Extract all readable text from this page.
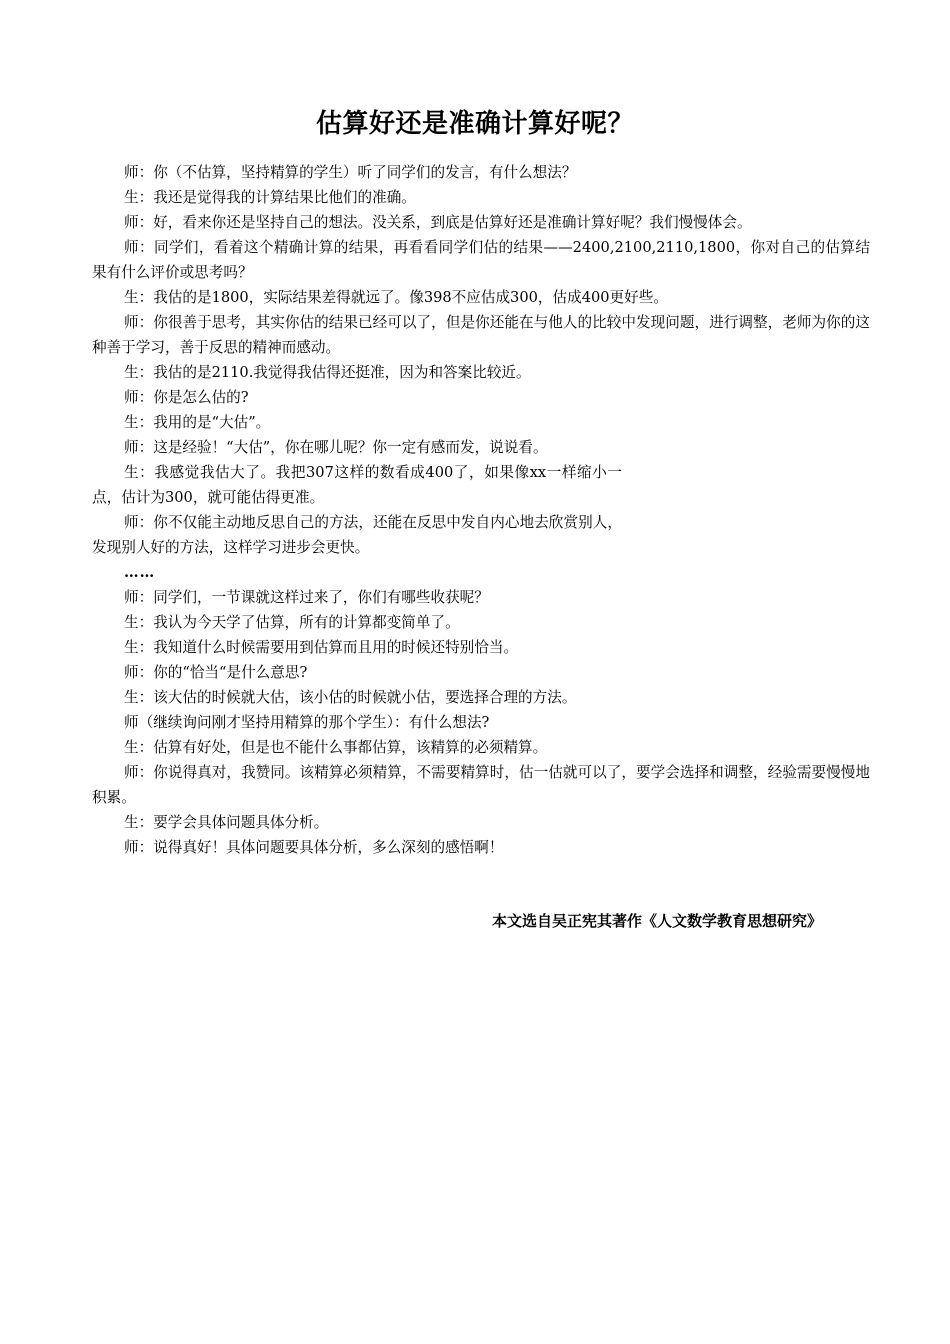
估算好还是准确计算好呢？

师：你（不估算，坚持精算的学生）听了同学们的发言，有什么想法？

生：我还是觉得我的计算结果比他们的准确。

师：好，看来你还是坚持自己的想法。没关系，到底是估算好还是准确计算好呢？我们慢慢体会。

师：同学们，看着这个精确计算的结果，再看看同学们估的结果——2400,2100,2110,1800，你对自己的估算结果有什么评价或思考吗？

生：我估的是1800，实际结果差得就远了。像398不应估成300，估成400更好些。

师：你很善于思考，其实你估的结果已经可以了，但是你还能在与他人的比较中发现问题，进行调整，老师为你的这种善于学习，善于反思的精神而感动。

生：我估的是2110.我觉得我估得还挺准，因为和答案比较近。

师：你是怎么估的?

生：我用的是“大估”。

师：这是经验！“大估”，你在哪儿呢？你一定有感而发，说说看。

生：我感觉我估大了。我把307这样的数看成400了，如果像xx一样缩小一点，估计为300，就可能估得更准。

师：你不仅能主动地反思自己的方法，还能在反思中发自内心地去欣赏别人，发现别人好的方法，这样学习进步会更快。

……

师：同学们，一节课就这样过来了，你们有哪些收获呢？

生：我认为今天学了估算，所有的计算都变简单了。

生：我知道什么时候需要用到估算而且用的时候还特别恰当。

师：你的“恰当“是什么意思?

生：该大估的时候就大估，该小估的时候就小估，要选择合理的方法。

师（继续询问刚才坚持用精算的那个学生）：有什么想法?

生：估算有好处，但是也不能什么事都估算，该精算的必须精算。

师：你说得真对，我赞同。该精算必须精算，不需要精算时，估一估就可以了，要学会选择和调整，经验需要慢慢地积累。

生：要学会具体问题具体分析。

师：说得真好！具体问题要具体分析，多么深刻的感悟啊！

本文选自吴正宪其著作《人文数学教育思想研究》
